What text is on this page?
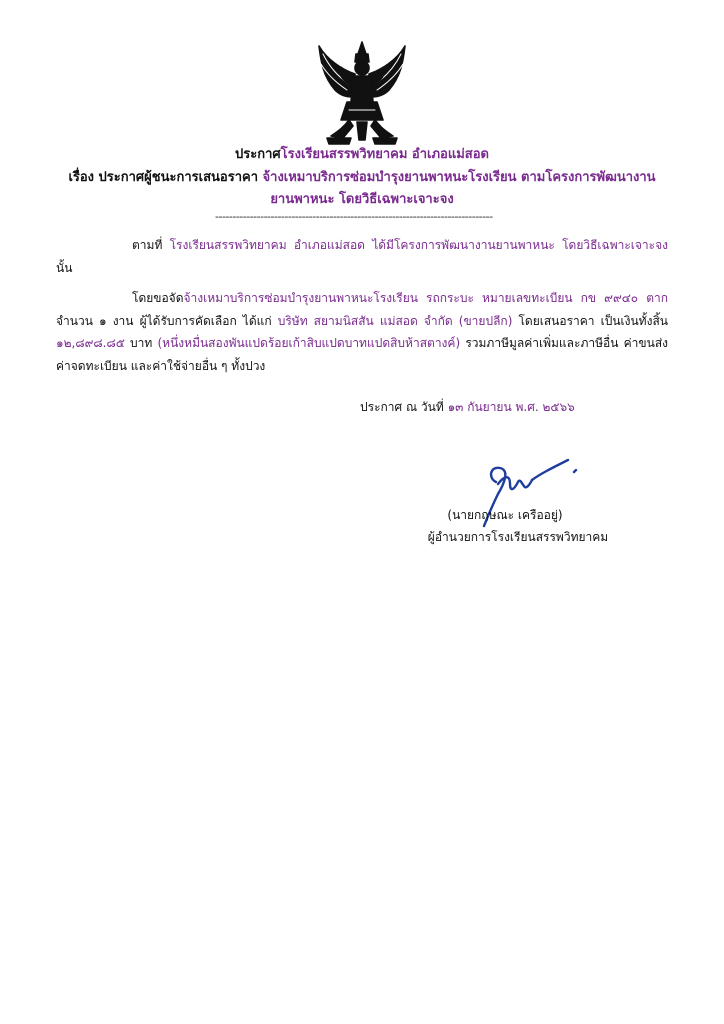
ประกาศโรงเรียนสรรพวิทยาคม อำเภอแม่สอด
เรื่อง ประกาศผู้ชนะการเสนอราคา จ้างเหมาบริการซ่อมบำรุงยานพาหนะโรงเรียน ตามโครงการพัฒนางาน
ยานพาหนะ โดยวิธีเฉพาะเจาะจง
--------------------------------------------------------------------------------
ตามที่ โรงเรียนสรรพวิทยาคม อำเภอแม่สอด ได้มีโครงการพัฒนางานยานพาหนะ โดยวิธีเฉพาะเจาะจง นั้น
โดยขอจัดจ้างเหมาบริการซ่อมบำรุงยานพาหนะโรงเรียน รถกระบะ หมายเลขทะเบียน กข ๙๙๔๐ ตาก จำนวน ๑ งาน ผู้ได้รับการคัดเลือก ได้แก่ บริษัท สยามนิสสัน แม่สอด จำกัด (ขายปลีก) โดยเสนอราคา เป็นเงินทั้งสิ้น ๑๒,๘๙๘.๘๕ บาท (หนึ่งหมื่นสองพันแปดร้อยเก้าสิบแปดบาทแปดสิบห้าสตางค์) รวมภาษีมูลค่าเพิ่มและภาษีอื่น ค่าขนส่ง ค่าจดทะเบียน และค่าใช้จ่ายอื่น ๆ ทั้งปวง
ประกาศ ณ วันที่ ๑๓ กันยายน พ.ศ. ๒๕๖๖
(นายกฤษณะ เครืออยู่)
ผู้อำนวยการโรงเรียนสรรพวิทยาคม
